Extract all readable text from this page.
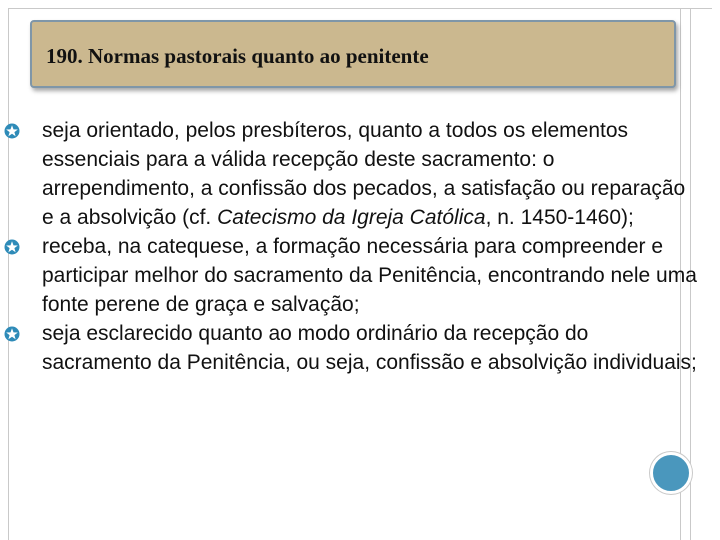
190. Normas pastorais quanto ao penitente
seja orientado, pelos presbíteros, quanto a todos os elementos essenciais para a válida recepção deste sacramento: o arrependimento, a confissão dos pecados, a satisfação ou reparação e a absolvição (cf. Catecismo da Igreja Católica, n. 1450-1460);
receba, na catequese, a formação necessária para compreender e participar melhor do sacramento da Penitência, encontrando nele uma fonte perene de graça e salvação;
seja esclarecido quanto ao modo ordinário da recepção do sacramento da Penitência, ou seja, confissão e absolvição individuais;
